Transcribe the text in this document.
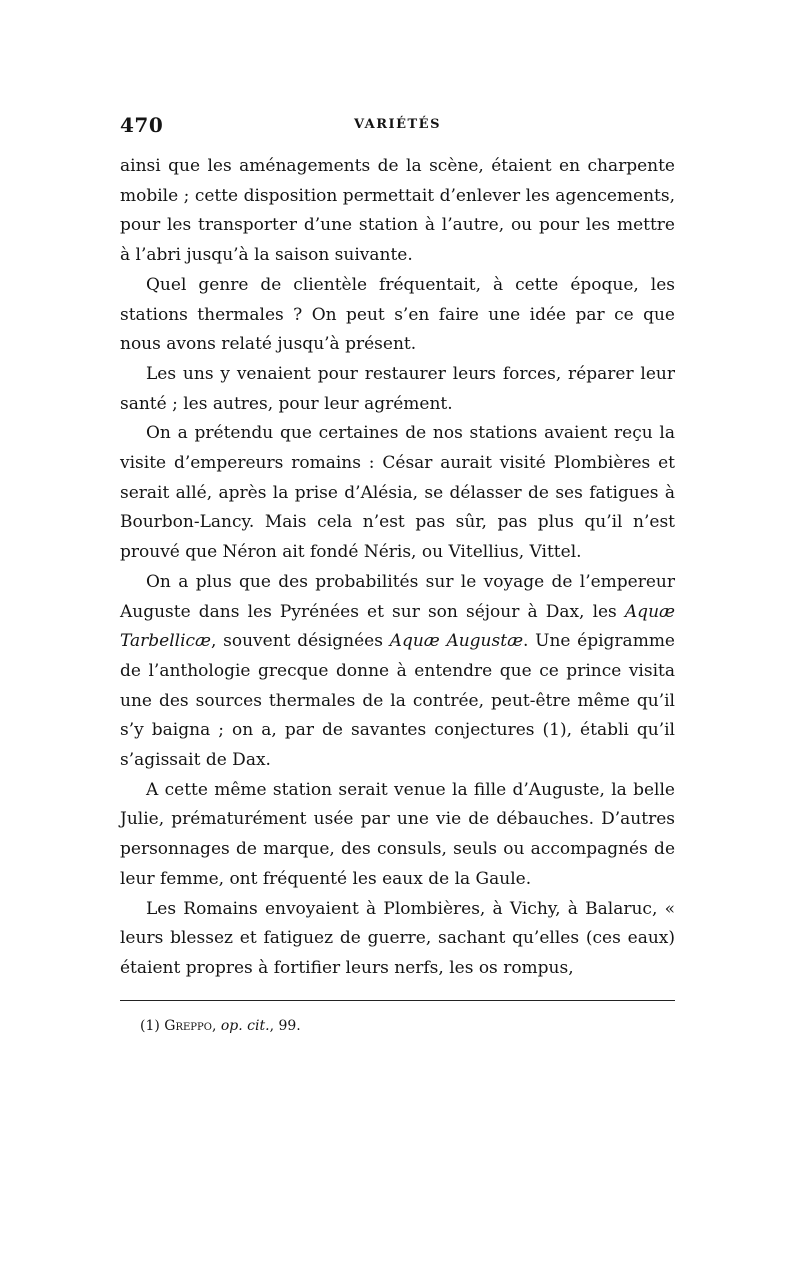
470	VARIÉTÉS

ainsi que les aménagements de la scène, étaient en charpente mobile ; cette disposition permettait d’enlever les agencements, pour les transporter d’une station à l’autre, ou pour les mettre à l’abri jusqu’à la saison suivante.

Quel genre de clientèle fréquentait, à cette époque, les stations thermales ? On peut s’en faire une idée par ce que nous avons relaté jusqu’à présent.

Les uns y venaient pour restaurer leurs forces, réparer leur santé ; les autres, pour leur agrément.

On a prétendu que certaines de nos stations avaient reçu la visite d’empereurs romains : César aurait visité Plombières et serait allé, après la prise d’Alésia, se délasser de ses fatigues à Bourbon-Lancy. Mais cela n’est pas sûr, pas plus qu’il n’est prouvé que Néron ait fondé Néris, ou Vitellius, Vittel.

On a plus que des probabilités sur le voyage de l’empereur Auguste dans les Pyrénées et sur son séjour à Dax, les Aquæ Tarbellicæ, souvent désignées Aquæ Augustæ. Une épigramme de l’anthologie grecque donne à entendre que ce prince visita une des sources thermales de la contrée, peut-être même qu’il s’y baigna ; on a, par de savantes conjectures (1), établi qu’il s’agissait de Dax.

A cette même station serait venue la fille d’Auguste, la belle Julie, prématurément usée par une vie de débauches. D’autres personnages de marque, des consuls, seuls ou accompagnés de leur femme, ont fréquenté les eaux de la Gaule.

Les Romains envoyaient à Plombières, à Vichy, à Balaruc, « leurs blessez et fatiguez de guerre, sachant qu’elles (ces eaux) étaient propres à fortifier leurs nerfs, les os rompus,

(1) Greppo, op. cit., 99.
